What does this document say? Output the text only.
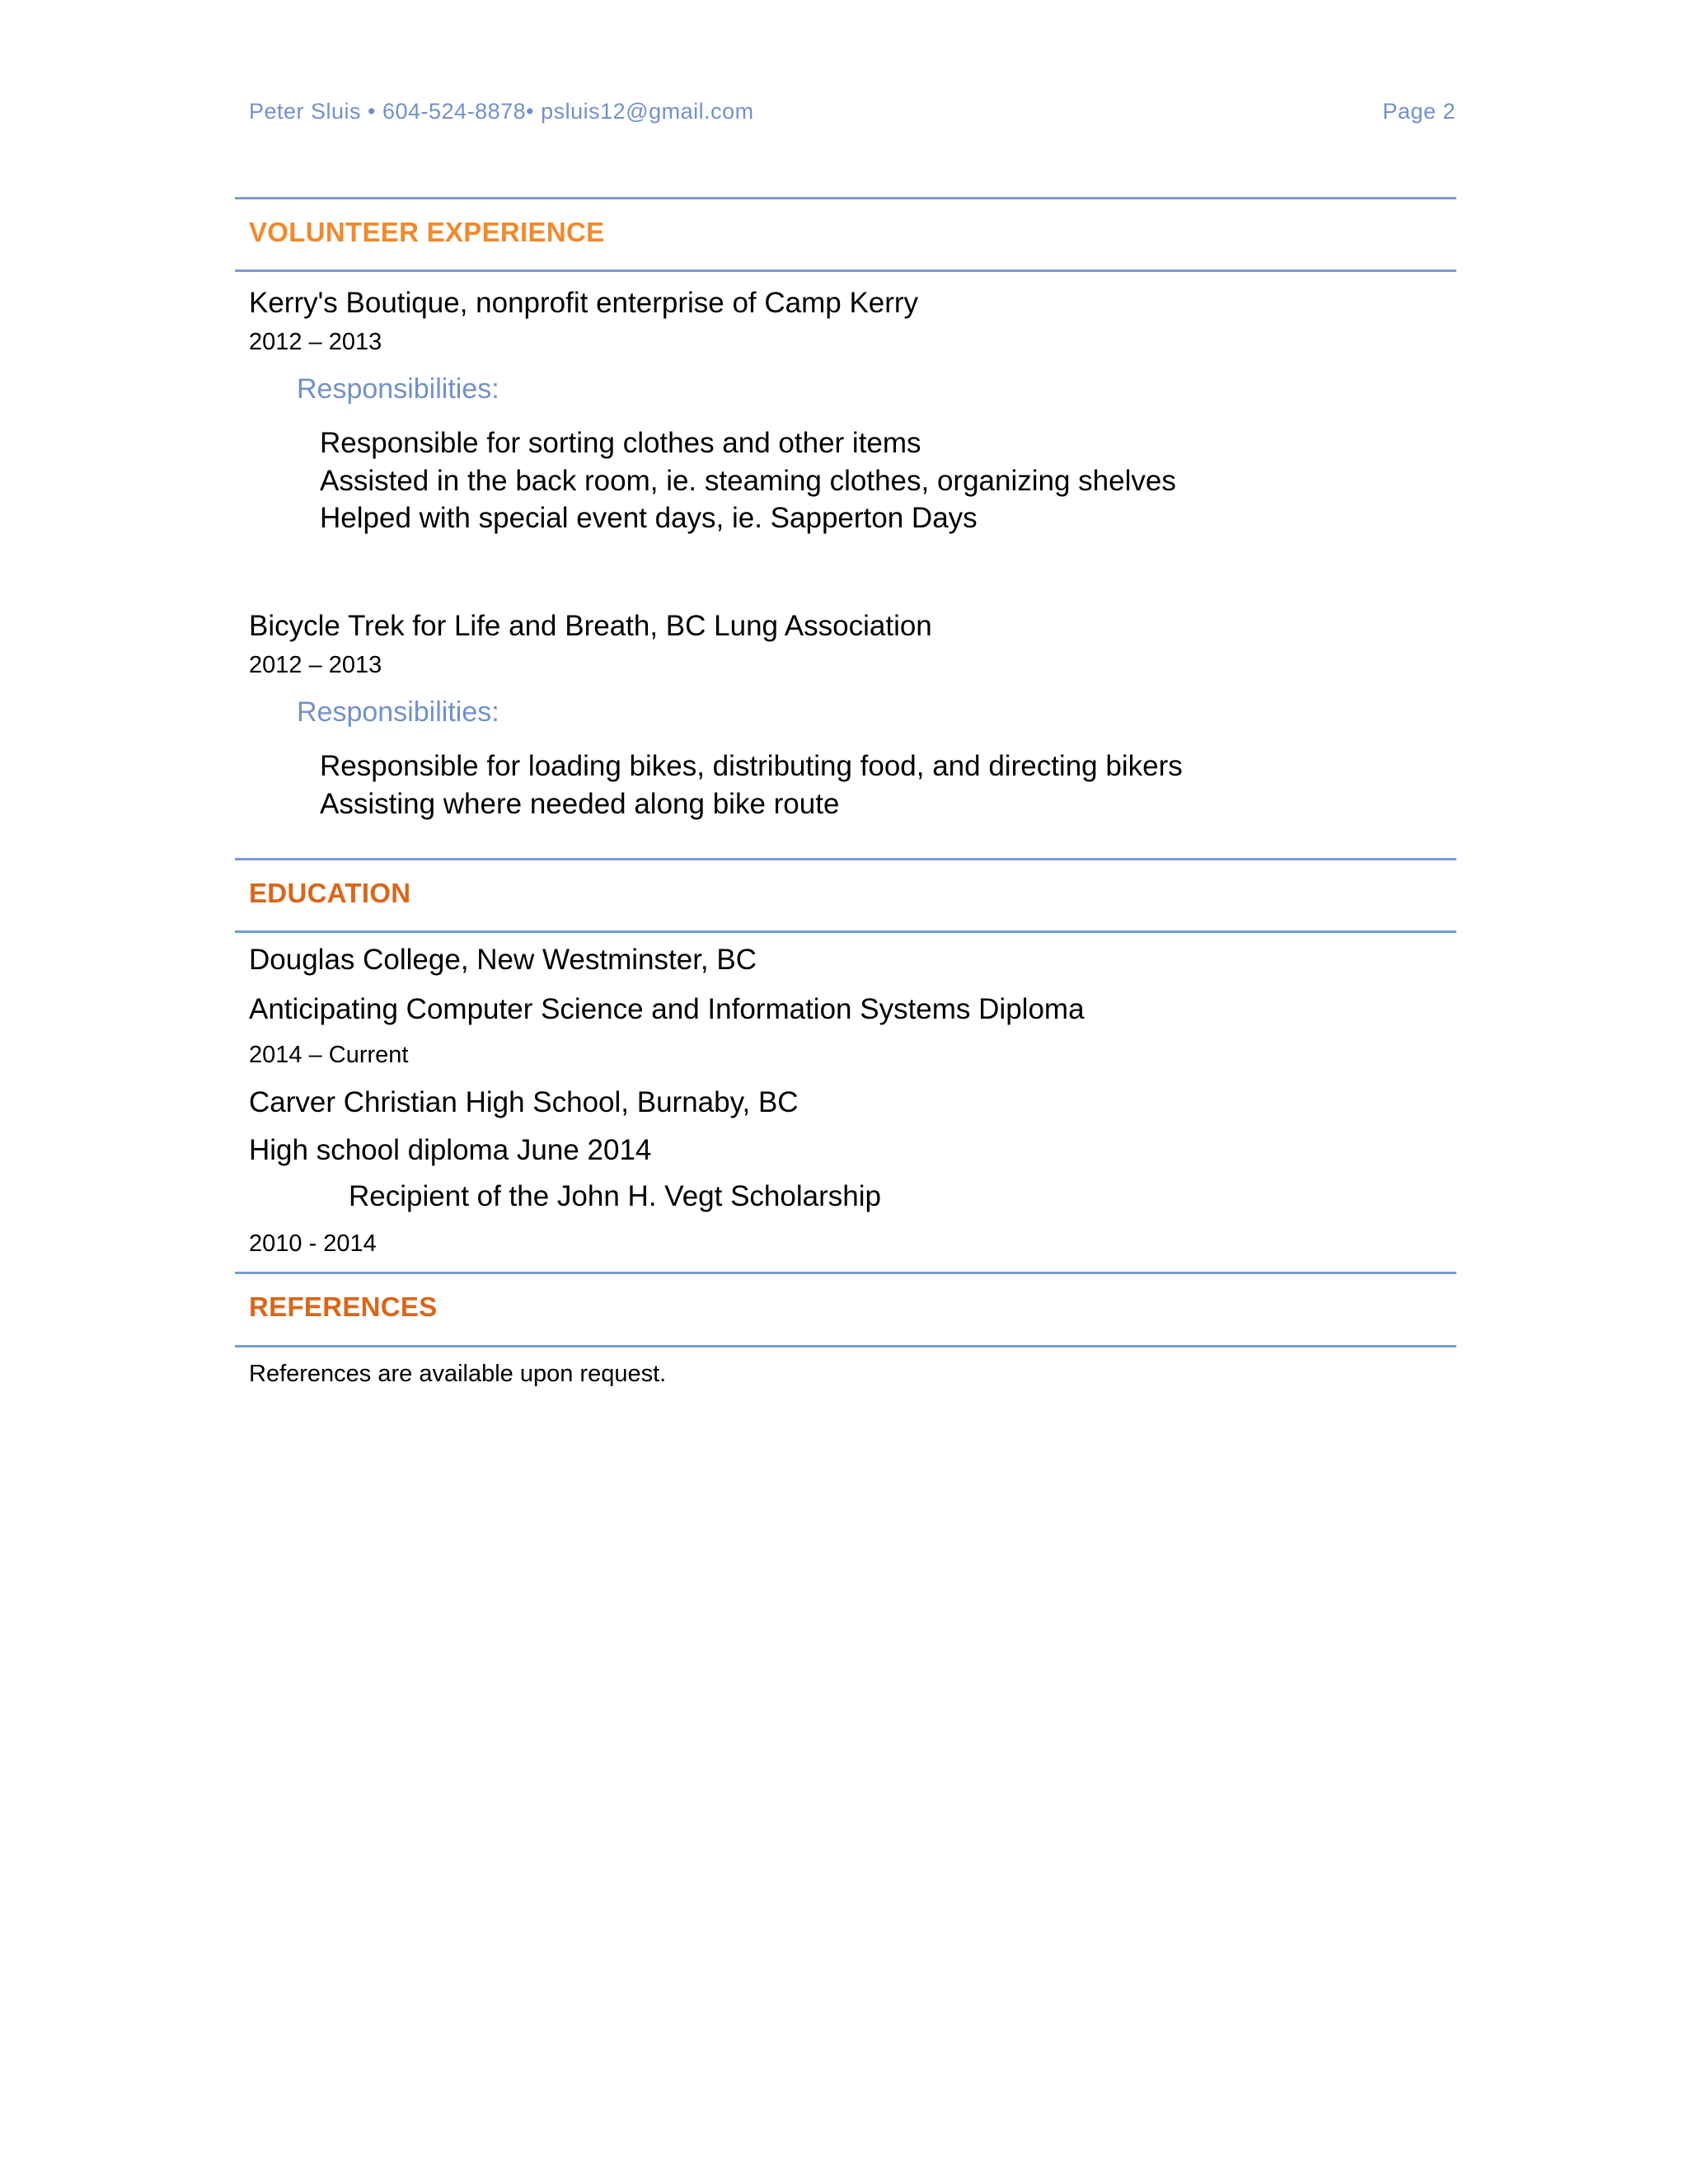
Peter Sluis • 604-524-8878• psluis12@gmail.com	Page 2
VOLUNTEER EXPERIENCE
Kerry's Boutique, nonprofit enterprise of Camp Kerry
2012 – 2013
Responsibilities:
Responsible for sorting clothes and other items
Assisted in the back room, ie. steaming clothes, organizing shelves
Helped with special event days, ie. Sapperton Days
Bicycle Trek for Life and Breath, BC Lung Association
2012 – 2013
Responsibilities:
Responsible for loading bikes, distributing food, and directing bikers
Assisting where needed along bike route
EDUCATION
Douglas College, New Westminster, BC
Anticipating Computer Science and Information Systems Diploma
2014 – Current
Carver Christian High School, Burnaby, BC
High school diploma June 2014
Recipient of the John H. Vegt Scholarship
2010 - 2014
REFERENCES
References are available upon request.
